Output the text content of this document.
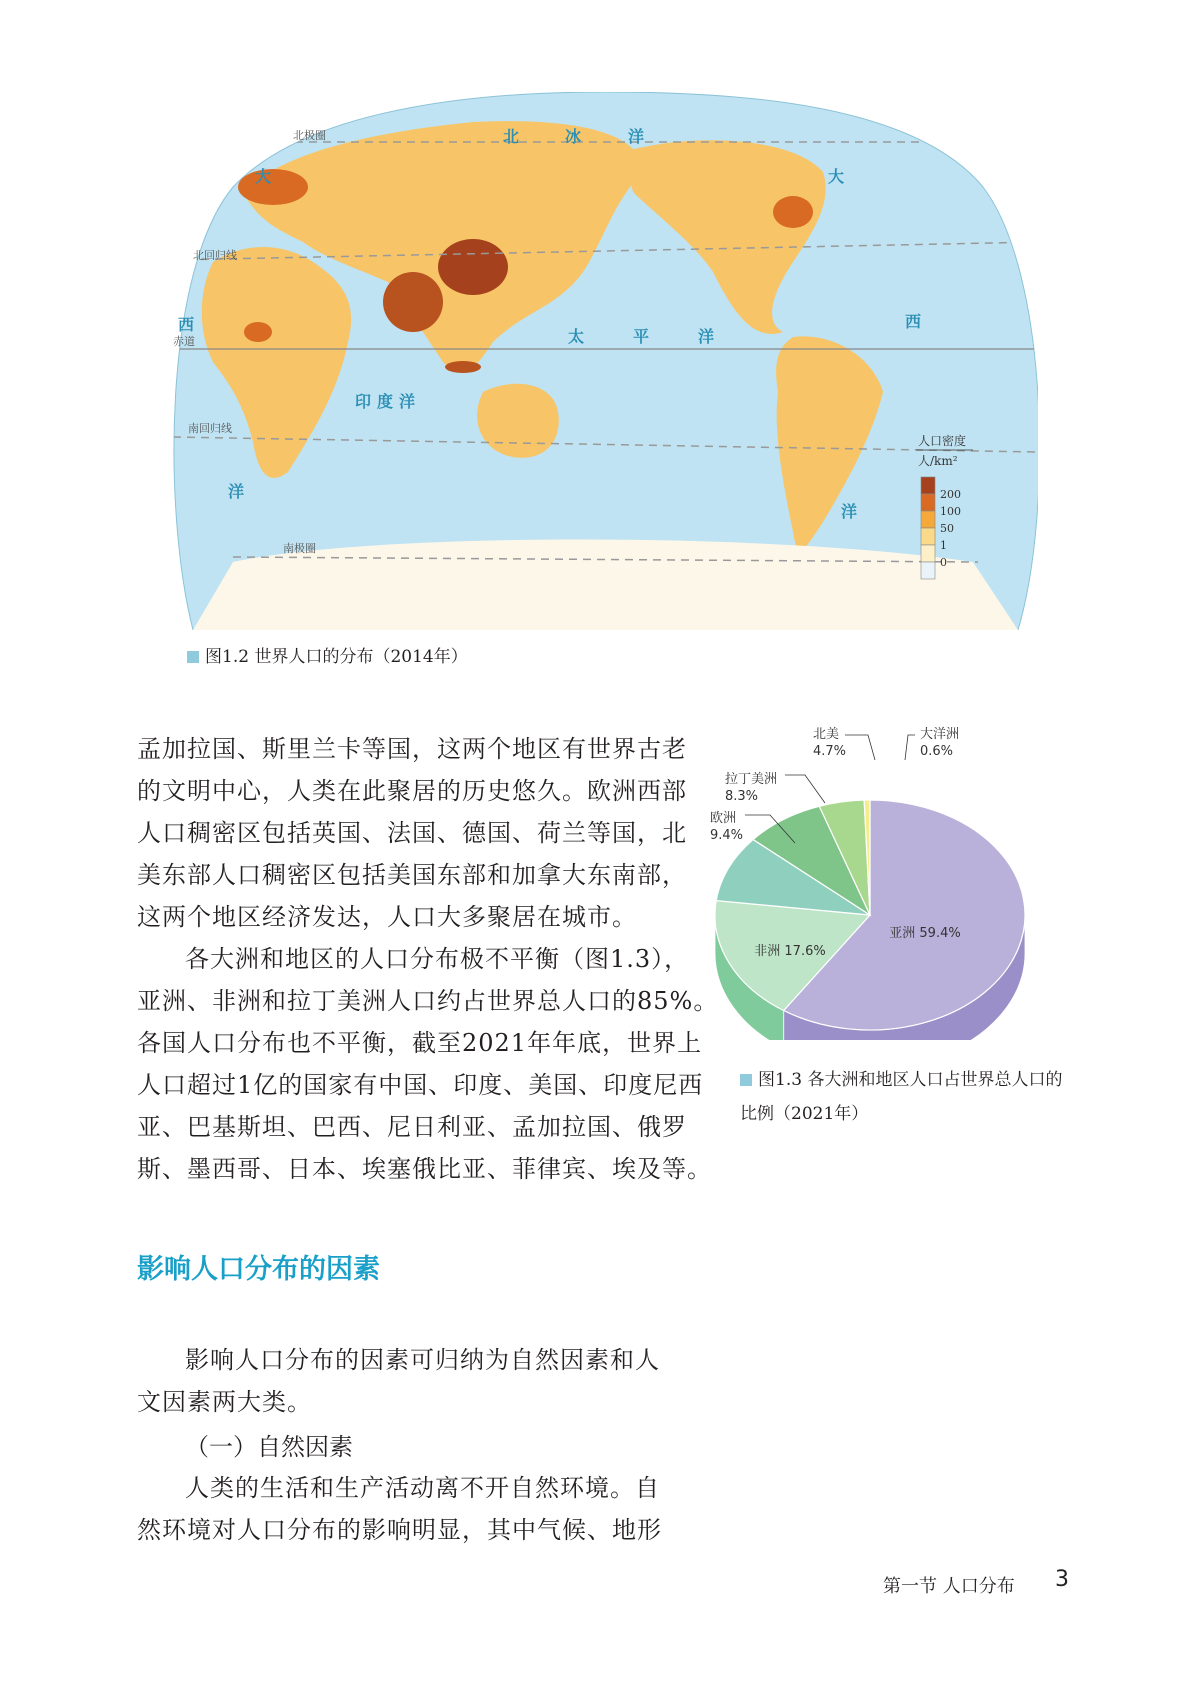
北	冰	洋
太	平	洋
印度洋
大
西
洋
大
西
洋
北极圈
北回归线
赤道
南回归线
南极圈
人口密度
人/km²
200
100
50
1
0
图1.2 世界人口的分布（2014年）
孟加拉国、斯里兰卡等国，这两个地区有世界古老
的文明中心，人类在此聚居的历史悠久。欧洲西部
人口稠密区包括英国、法国、德国、荷兰等国，北
美东部人口稠密区包括美国东部和加拿大东南部，
这两个地区经济发达，人口大多聚居在城市。
各大洲和地区的人口分布极不平衡（图1.3），
亚洲、非洲和拉丁美洲人口约占世界总人口的85%。
各国人口分布也不平衡，截至2021年年底，世界上
人口超过1亿的国家有中国、印度、美国、印度尼西
亚、巴基斯坦、巴西、尼日利亚、孟加拉国、俄罗
斯、墨西哥、日本、埃塞俄比亚、菲律宾、埃及等。
亚洲 59.4%
非洲 17.6%
欧洲
9.4%
拉丁美洲
8.3%
北美
4.7%
大洋洲
0.6%
图1.3 各大洲和地区人口占世界总人口的
比例（2021年）
影响人口分布的因素
影响人口分布的因素可归纳为自然因素和人
文因素两大类。
（一）自然因素
人类的生活和生产活动离不开自然环境。自
然环境对人口分布的影响明显，其中气候、地形
第一节 人口分布 3
